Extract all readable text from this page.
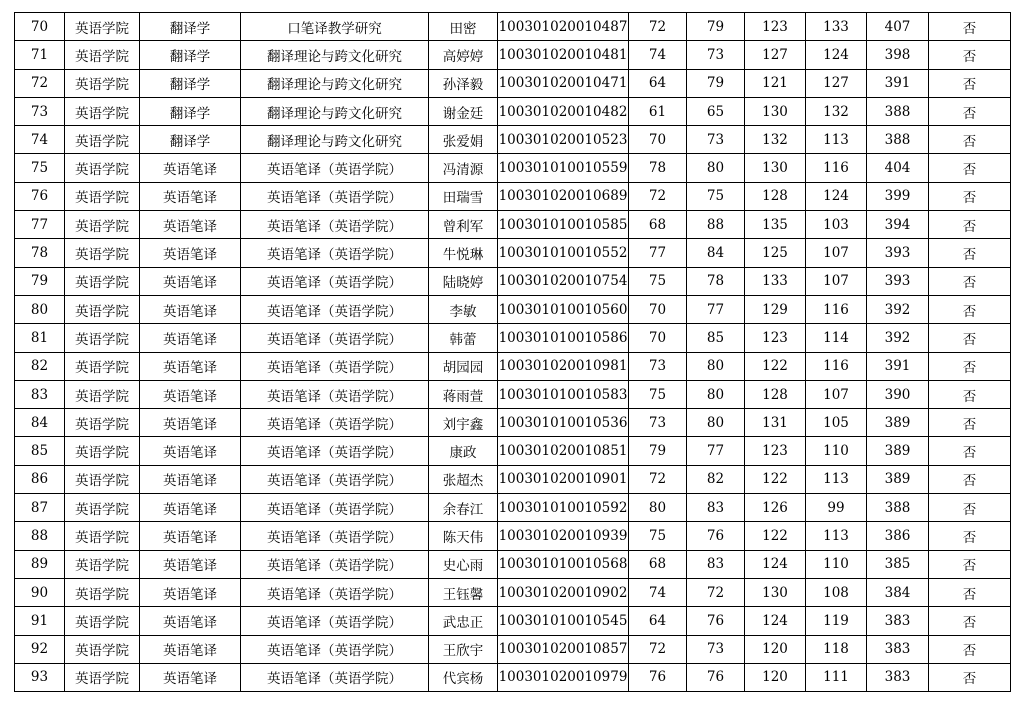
70	英语学院	翻译学	口笔译教学研究	田密	100301020010487	72	79	123	133	407	否
71	英语学院	翻译学	翻译理论与跨文化研究	高婷婷	100301020010481	74	73	127	124	398	否
72	英语学院	翻译学	翻译理论与跨文化研究	孙泽毅	100301020010471	64	79	121	127	391	否
73	英语学院	翻译学	翻译理论与跨文化研究	谢金廷	100301020010482	61	65	130	132	388	否
74	英语学院	翻译学	翻译理论与跨文化研究	张爱娟	100301020010523	70	73	132	113	388	否
75	英语学院	英语笔译	英语笔译（英语学院）	冯清源	100301010010559	78	80	130	116	404	否
76	英语学院	英语笔译	英语笔译（英语学院）	田瑞雪	100301020010689	72	75	128	124	399	否
77	英语学院	英语笔译	英语笔译（英语学院）	曾利军	100301010010585	68	88	135	103	394	否
78	英语学院	英语笔译	英语笔译（英语学院）	牛悦琳	100301010010552	77	84	125	107	393	否
79	英语学院	英语笔译	英语笔译（英语学院）	陆晓婷	100301020010754	75	78	133	107	393	否
80	英语学院	英语笔译	英语笔译（英语学院）	李敏	100301010010560	70	77	129	116	392	否
81	英语学院	英语笔译	英语笔译（英语学院）	韩蕾	100301010010586	70	85	123	114	392	否
82	英语学院	英语笔译	英语笔译（英语学院）	胡园园	100301020010981	73	80	122	116	391	否
83	英语学院	英语笔译	英语笔译（英语学院）	蒋雨萱	100301010010583	75	80	128	107	390	否
84	英语学院	英语笔译	英语笔译（英语学院）	刘宇鑫	100301010010536	73	80	131	105	389	否
85	英语学院	英语笔译	英语笔译（英语学院）	康政	100301020010851	79	77	123	110	389	否
86	英语学院	英语笔译	英语笔译（英语学院）	张超杰	100301020010901	72	82	122	113	389	否
87	英语学院	英语笔译	英语笔译（英语学院）	余春江	100301010010592	80	83	126	99	388	否
88	英语学院	英语笔译	英语笔译（英语学院）	陈天伟	100301020010939	75	76	122	113	386	否
89	英语学院	英语笔译	英语笔译（英语学院）	史心雨	100301010010568	68	83	124	110	385	否
90	英语学院	英语笔译	英语笔译（英语学院）	王钰馨	100301020010902	74	72	130	108	384	否
91	英语学院	英语笔译	英语笔译（英语学院）	武忠正	100301010010545	64	76	124	119	383	否
92	英语学院	英语笔译	英语笔译（英语学院）	王欣宇	100301020010857	72	73	120	118	383	否
93	英语学院	英语笔译	英语笔译（英语学院）	代宾杨	100301020010979	76	76	120	111	383	否
